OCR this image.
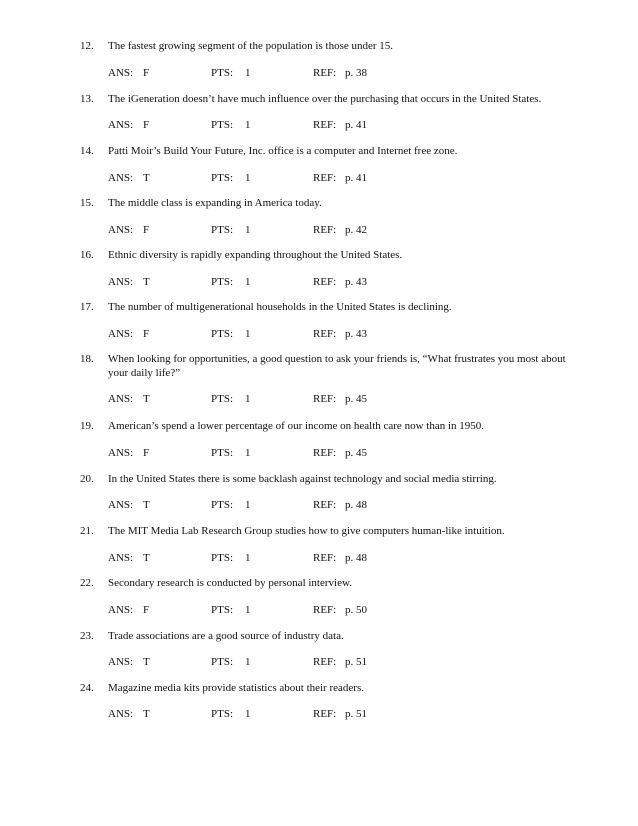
12. The fastest growing segment of the population is those under 15.
ANS: F	PTS: 1	REF: p. 38
13. The iGeneration doesn’t have much influence over the purchasing that occurs in the United States.
ANS: F	PTS: 1	REF: p. 41
14. Patti Moir’s Build Your Future, Inc. office is a computer and Internet free zone.
ANS: T	PTS: 1	REF: p. 41
15. The middle class is expanding in America today.
ANS: F	PTS: 1	REF: p. 42
16. Ethnic diversity is rapidly expanding throughout the United States.
ANS: T	PTS: 1	REF: p. 43
17. The number of multigenerational households in the United States is declining.
ANS: F	PTS: 1	REF: p. 43
18. When looking for opportunities, a good question to ask your friends is, “What frustrates you most about your daily life?”
ANS: T	PTS: 1	REF: p. 45
19. American’s spend a lower percentage of our income on health care now than in 1950.
ANS: F	PTS: 1	REF: p. 45
20. In the United States there is some backlash against technology and social media stirring.
ANS: T	PTS: 1	REF: p. 48
21. The MIT Media Lab Research Group studies how to give computers human-like intuition.
ANS: T	PTS: 1	REF: p. 48
22. Secondary research is conducted by personal interview.
ANS: F	PTS: 1	REF: p. 50
23. Trade associations are a good source of industry data.
ANS: T	PTS: 1	REF: p. 51
24. Magazine media kits provide statistics about their readers.
ANS: T	PTS: 1	REF: p. 51
